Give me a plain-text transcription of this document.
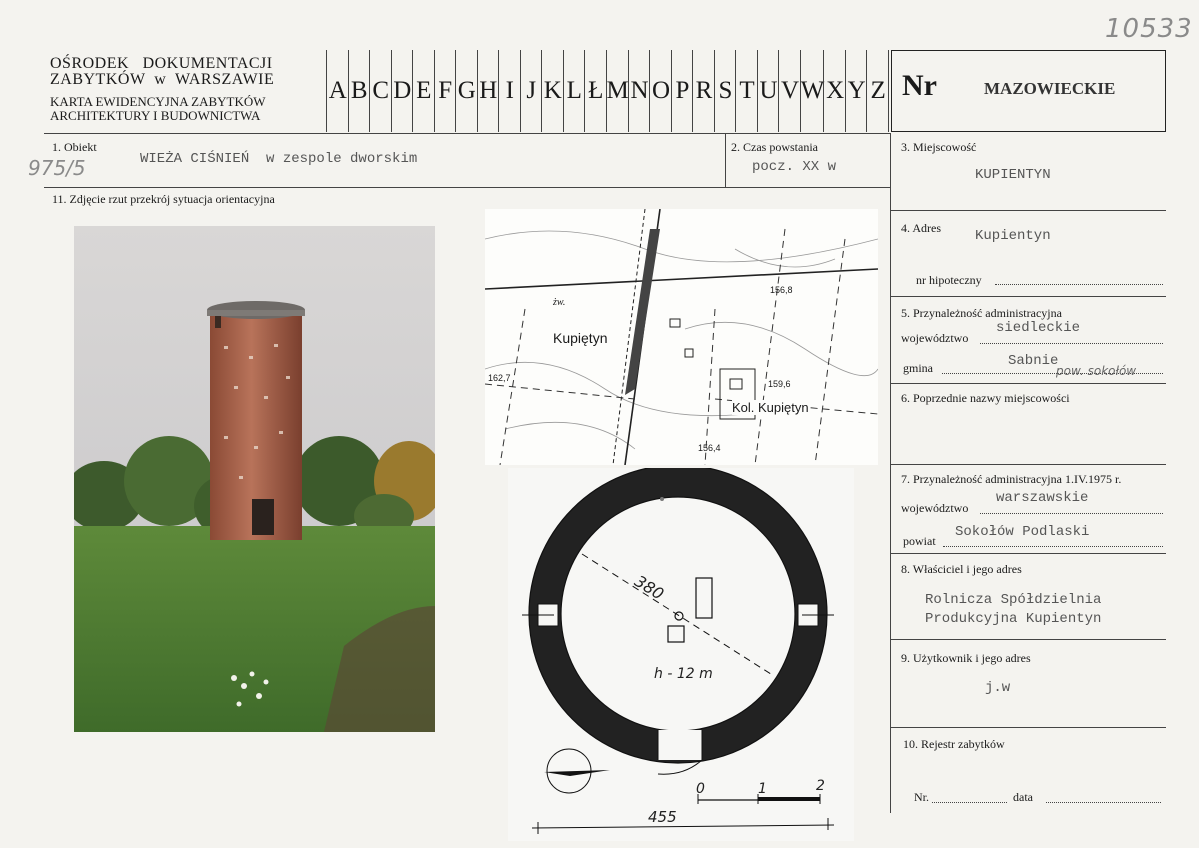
10533
OŚRODEK   DOKUMENTACJI
ZABYTKÓW  w  WARSZAWIE
KARTA EWIDENCYJNA ZABYTKÓW
ARCHITEKTURY I BUDOWNICTWA
A B C D E F G H I J K L Ł M N O P R S T U V W X Y Z Nr	MAZOWIECKIE
1. Obiekt
975/5	WIEŻA CIŚNIEŃ  w zespole dworskim
2. Czas powstania
pocz. XX w
11. Zdjęcie rzut przekrój sytuacja orientacyjna
3. Miejscowość
KUPIENTYN
4. Adres Kupientyn
nr hipoteczny
5. Przynależność administracyjna
województwo
siedleckie
gmina	Sabnie
pow. sokołów
6. Poprzednie nazwy miejscowości
7. Przynależność administracyjna 1.IV.1975 r.
województwo
warszawskie
powiat
Sokołów Podlaski
8. Właściciel i jego adres
Rolnicza Spółdzielnia
Produkcyjna Kupientyn
9. Użytkownik i jego adres
j.w
10. Rejestr zabytków
Nr.	data
Kupiętyn
Kol. Kupiętyn
156,8
159,6
162,7
156,4
żw.
380
h - 12 m
455
0	1	2
